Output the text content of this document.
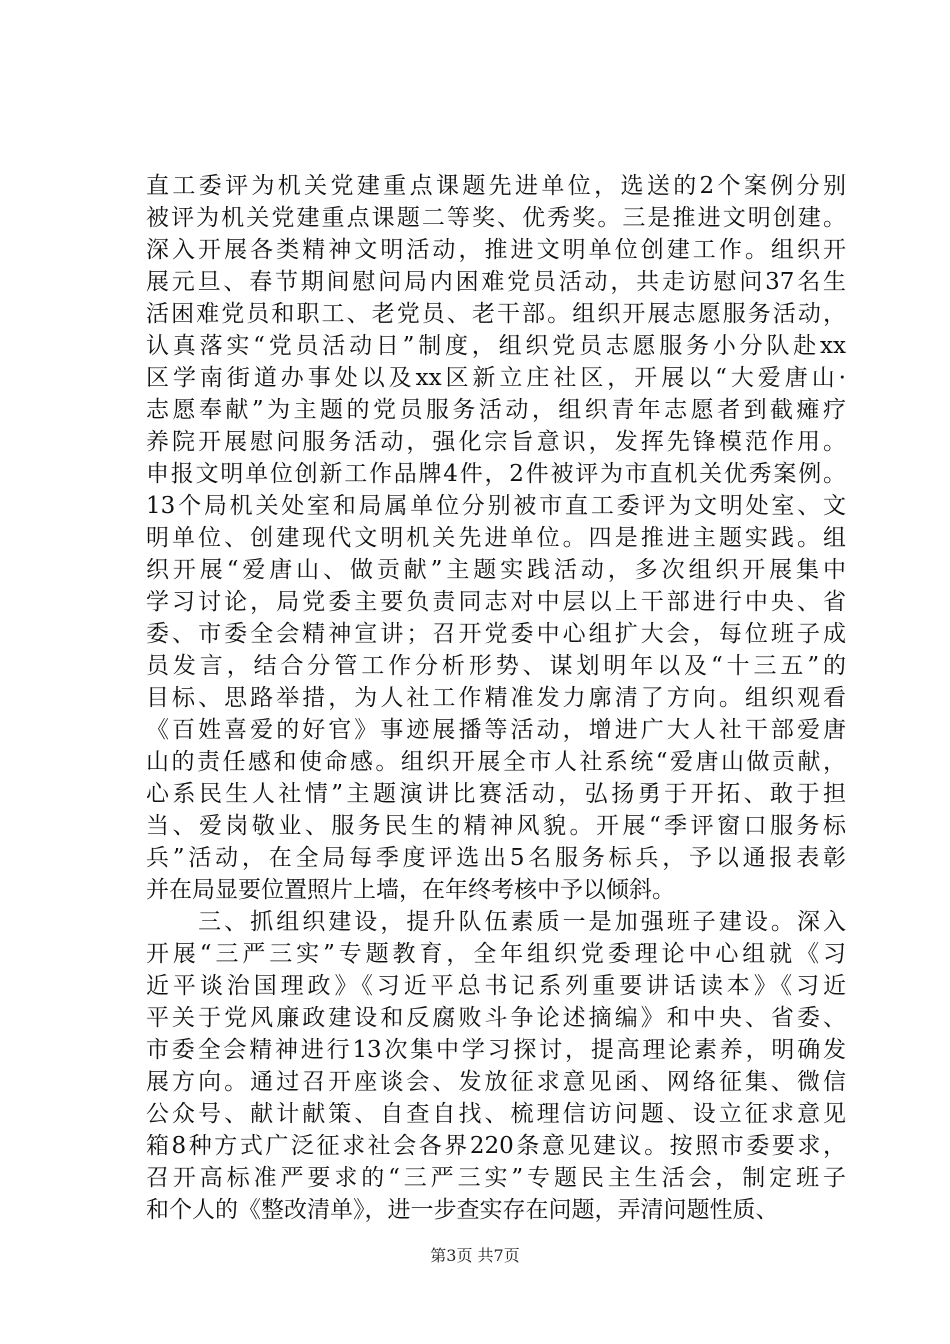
直工委评为机关党建重点课题先进单位，选送的2个案例分别
被评为机关党建重点课题二等奖、优秀奖。三是推进文明创建。
深入开展各类精神文明活动，推进文明单位创建工作。组织开
展元旦、春节期间慰问局内困难党员活动，共走访慰问37名生
活困难党员和职工、老党员、老干部。组织开展志愿服务活动，
认真落实“党员活动日”制度，组织党员志愿服务小分队赴xx
区学南街道办事处以及xx区新立庄社区，开展以“大爱唐山·
志愿奉献”为主题的党员服务活动，组织青年志愿者到截瘫疗
养院开展慰问服务活动，强化宗旨意识，发挥先锋模范作用。
申报文明单位创新工作品牌4件，2件被评为市直机关优秀案例。
13个局机关处室和局属单位分别被市直工委评为文明处室、文
明单位、创建现代文明机关先进单位。四是推进主题实践。组
织开展“爱唐山、做贡献”主题实践活动，多次组织开展集中
学习讨论，局党委主要负责同志对中层以上干部进行中央、省
委、市委全会精神宣讲；召开党委中心组扩大会，每位班子成
员发言，结合分管工作分析形势、谋划明年以及“十三五”的
目标、思路举措，为人社工作精准发力廓清了方向。组织观看
《百姓喜爱的好官》事迹展播等活动，增进广大人社干部爱唐
山的责任感和使命感。组织开展全市人社系统“爱唐山做贡献，
心系民生人社情”主题演讲比赛活动，弘扬勇于开拓、敢于担
当、爱岗敬业、服务民生的精神风貌。开展“季评窗口服务标
兵”活动，在全局每季度评选出5名服务标兵，予以通报表彰
并在局显要位置照片上墙，在年终考核中予以倾斜。
　　三、抓组织建设，提升队伍素质一是加强班子建设。深入
开展“三严三实”专题教育，全年组织党委理论中心组就《习
近平谈治国理政》《习近平总书记系列重要讲话读本》《习近
平关于党风廉政建设和反腐败斗争论述摘编》和中央、省委、
市委全会精神进行13次集中学习探讨，提高理论素养，明确发
展方向。通过召开座谈会、发放征求意见函、网络征集、微信
公众号、献计献策、自查自找、梳理信访问题、设立征求意见
箱8种方式广泛征求社会各界220条意见建议。按照市委要求，
召开高标准严要求的“三严三实”专题民主生活会，制定班子
和个人的《整改清单》，进一步查实存在问题，弄清问题性质、
第3页 共7页
